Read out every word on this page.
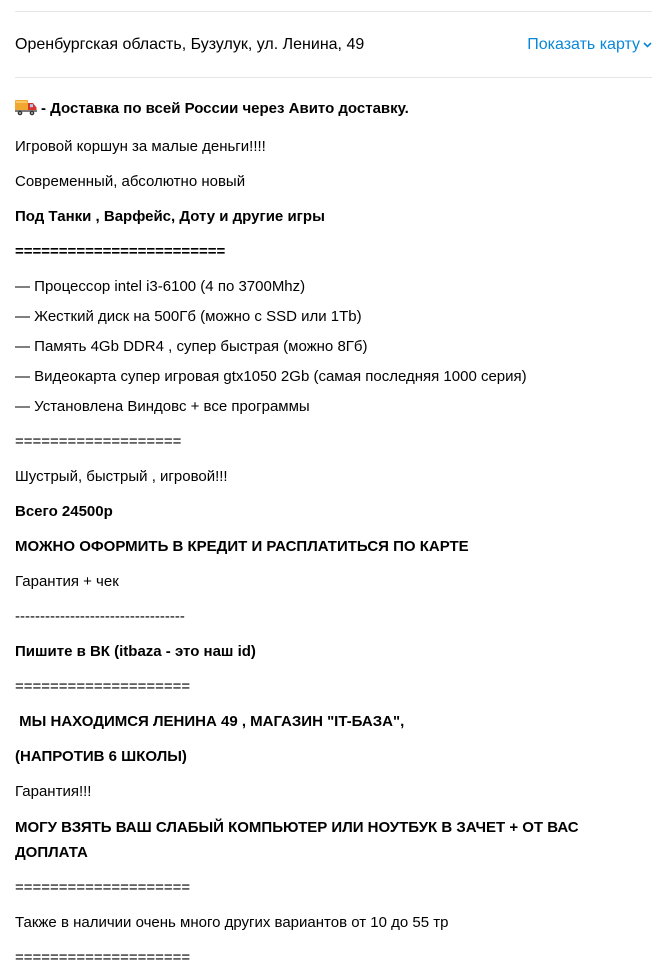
Оренбургская область, Бузулук, ул. Ленина, 49	Показать карту
- Доставка по всей России через Авито доставку.
Игровой коршун за малые деньги!!!!
Современный, абсолютно новый
Под Танки , Варфейс, Доту и другие игры
========================
— Процессор intel i3-6100 (4 по 3700Mhz)
— Жесткий диск на 500Гб (можно с SSD или 1Tb)
— Память 4Gb DDR4 , супер быстрая (можно 8Гб)
— Видеокарта супер игровая gtx1050 2Gb (самая последняя 1000 серия)
— Установлена Виндовс + все программы
===================
Шустрый, быстрый , игровой!!!
Всего 24500р
МОЖНО ОФОРМИТЬ В КРЕДИТ И РАСПЛАТИТЬСЯ ПО КАРТЕ
Гарантия + чек
----------------------------------
Пишите в ВК (itbaza - это наш id)
====================
МЫ НАХОДИМСЯ ЛЕНИНА 49 , МАГАЗИН "IT-БАЗА",
(НАПРОТИВ 6 ШКОЛЫ)
Гарантия!!!
МОГУ ВЗЯТЬ ВАШ СЛАБЫЙ КОМПЬЮТЕР ИЛИ НОУТБУК В ЗАЧЕТ + ОТ ВАС ДОПЛАТА
====================
Также в наличии очень много других вариантов от 10 до 55 тр
====================
